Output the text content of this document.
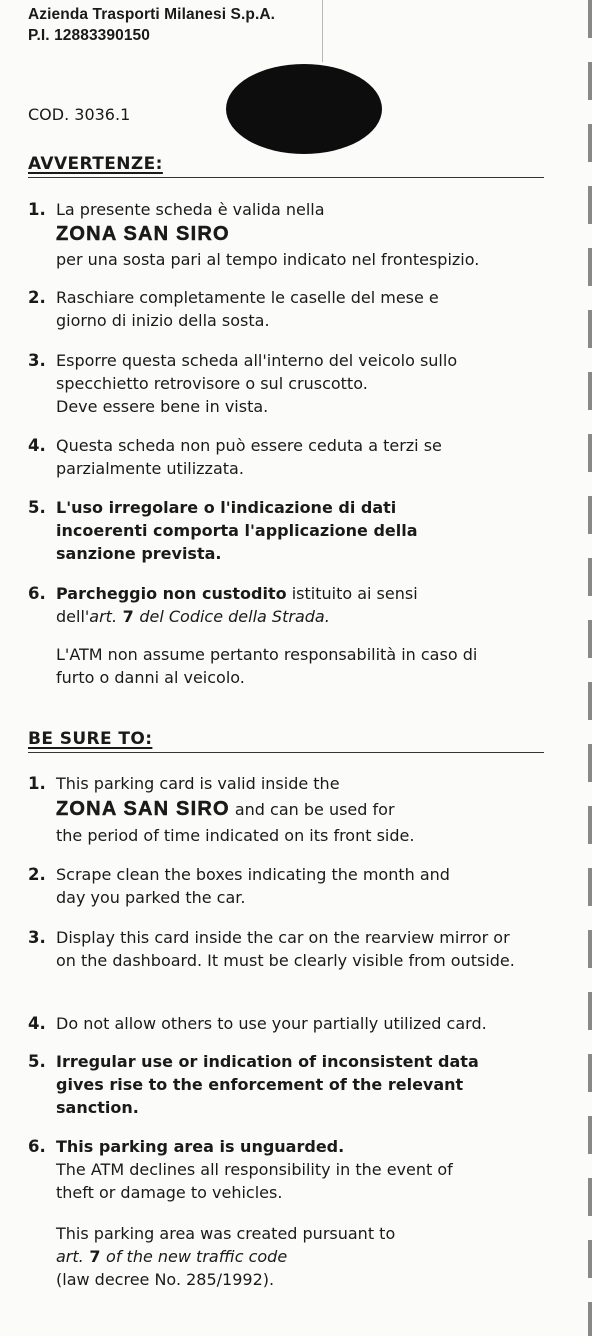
Azienda Trasporti Milanesi S.p.A.
P.I. 12883390150
COD. 3036.1
AVVERTENZE:
1. La presente scheda è valida nella
ZONA SAN SIRO
per una sosta pari al tempo indicato nel frontespizio.
2. Raschiare completamente le caselle del mese e giorno di inizio della sosta.
3. Esporre questa scheda all'interno del veicolo sullo specchietto retrovisore o sul cruscotto.
Deve essere bene in vista.
4. Questa scheda non può essere ceduta a terzi se parzialmente utilizzata.
5. L'uso irregolare o l'indicazione di dati incoerenti comporta l'applicazione della sanzione prevista.
6. Parcheggio non custodito istituito ai sensi
dell'art. 7 del Codice della Strada.
L'ATM non assume pertanto responsabilità in caso di furto o danni al veicolo.
BE SURE TO:
1. This parking card is valid inside the
ZONA SAN SIRO and can be used for
the period of time indicated on its front side.
2. Scrape clean the boxes indicating the month and day you parked the car.
3. Display this card inside the car on the rearview mirror or on the dashboard. It must be clearly visible from outside.
4. Do not allow others to use your partially utilized card.
5. Irregular use or indication of inconsistent data gives rise to the enforcement of the relevant sanction.
6. This parking area is unguarded.
The ATM declines all responsibility in the event of theft or damage to vehicles.
This parking area was created pursuant to
art. 7 of the new traffic code
(law decree No. 285/1992).
